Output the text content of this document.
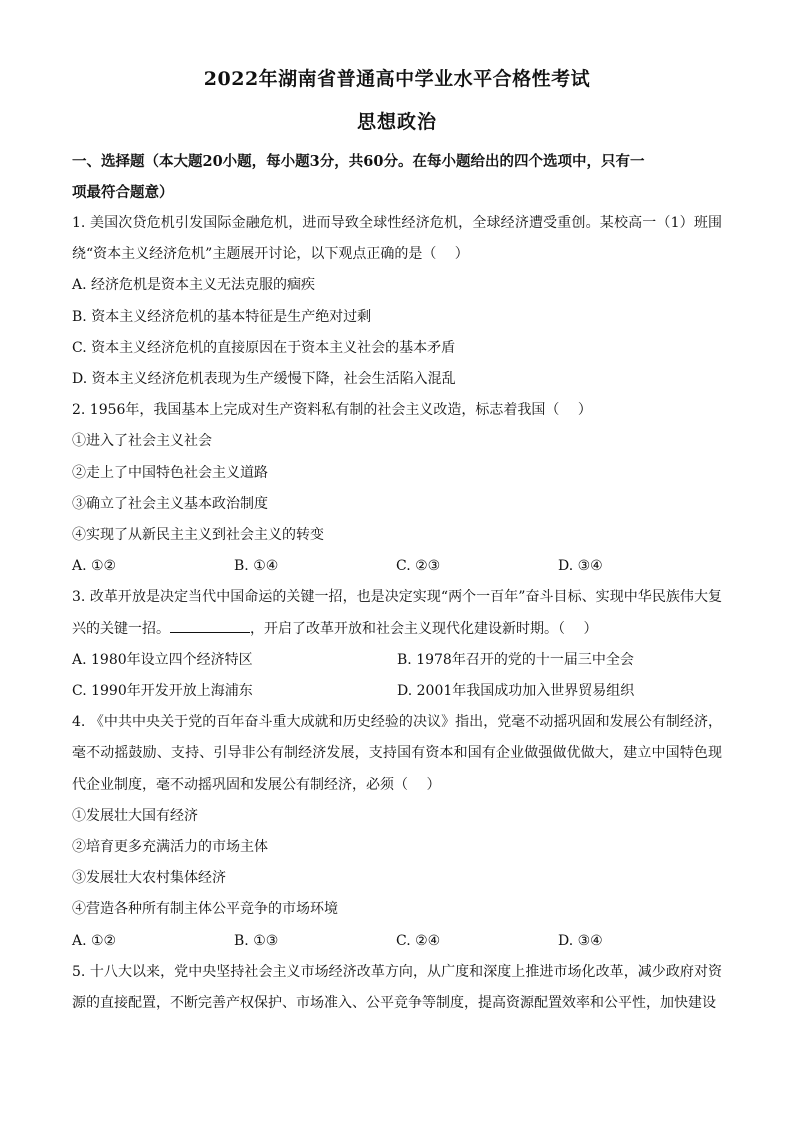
2022年湖南省普通高中学业水平合格性考试
思想政治
一、选择题（本大题20小题，每小题3分，共60分。在每小题给出的四个选项中，只有一
项最符合题意）
1. 美国次贷危机引发国际金融危机，进而导致全球性经济危机，全球经济遭受重创。某校高一（1）班围绕“资本主义经济危机”主题展开讨论，以下观点正确的是（　 ）
A. 经济危机是资本主义无法克服的痼疾
B. 资本主义经济危机的基本特征是生产绝对过剩
C. 资本主义经济危机的直接原因在于资本主义社会的基本矛盾
D. 资本主义经济危机表现为生产缓慢下降，社会生活陷入混乱
2. 1956年，我国基本上完成对生产资料私有制的社会主义改造，标志着我国（　 ）
①进入了社会主义社会
②走上了中国特色社会主义道路
③确立了社会主义基本政治制度
④实现了从新民主主义到社会主义的转变
A. ①②	B. ①④	C. ②③	D. ③④
3. 改革开放是决定当代中国命运的关键一招，也是决定实现“两个一百年”奋斗目标、实现中华民族伟大复兴的关键一招。	，开启了改革开放和社会主义现代化建设新时期。（　 ）
A. 1980年设立四个经济特区	B. 1978年召开的党的十一届三中全会
C. 1990年开发开放上海浦东	D. 2001年我国成功加入世界贸易组织
4. 《中共中央关于党的百年奋斗重大成就和历史经验的决议》指出，党毫不动摇巩固和发展公有制经济，毫不动摇鼓励、支持、引导非公有制经济发展，支持国有资本和国有企业做强做优做大，建立中国特色现代企业制度，毫不动摇巩固和发展公有制经济，必须（　 ）
①发展壮大国有经济
②培育更多充满活力的市场主体
③发展壮大农村集体经济
④营造各种所有制主体公平竞争的市场环境
A. ①②	B. ①③	C. ②④	D. ③④
5. 十八大以来，党中央坚持社会主义市场经济改革方向，从广度和深度上推进市场化改革，减少政府对资源的直接配置，不断完善产权保护、市场准入、公平竞争等制度，提高资源配置效率和公平性，加快建设
